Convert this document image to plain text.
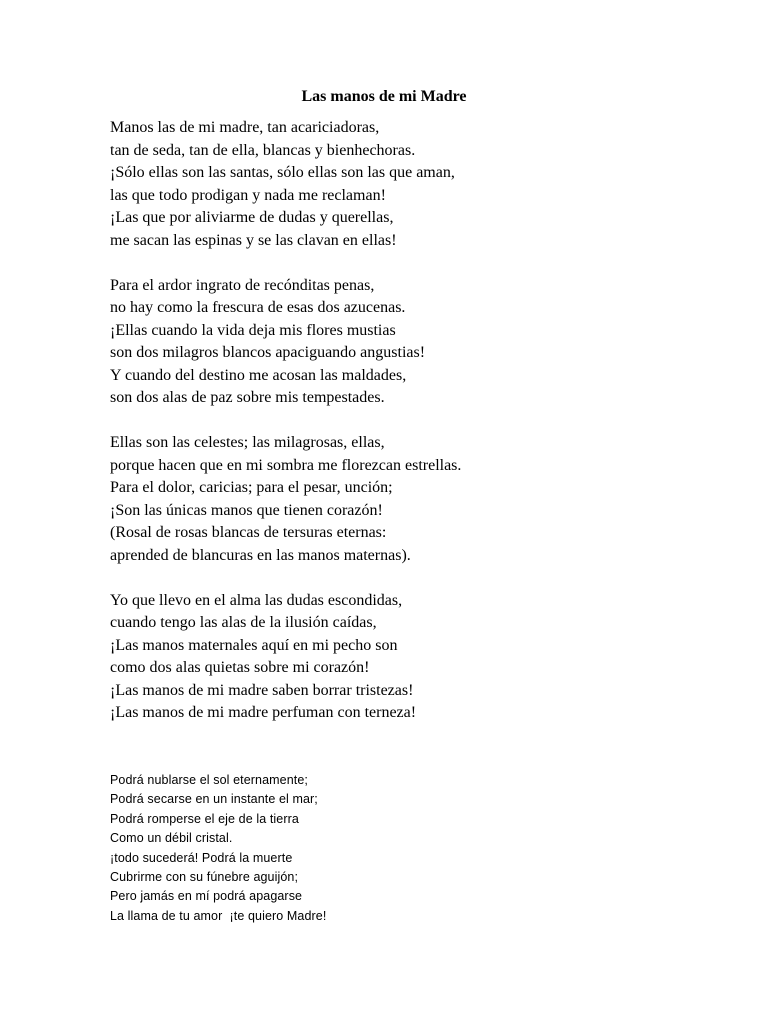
Las manos de mi Madre

Manos las de mi madre, tan acariciadoras,
tan de seda, tan de ella, blancas y bienhechoras.
¡Sólo ellas son las santas, sólo ellas son las que aman,
las que todo prodigan y nada me reclaman!
¡Las que por aliviarme de dudas y querellas,
me sacan las espinas y se las clavan en ellas!

Para el ardor ingrato de recónditas penas,
no hay como la frescura de esas dos azucenas.
¡Ellas cuando la vida deja mis flores mustias
son dos milagros blancos apaciguando angustias!
Y cuando del destino me acosan las maldades,
son dos alas de paz sobre mis tempestades.

Ellas son las celestes; las milagrosas, ellas,
porque hacen que en mi sombra me florezcan estrellas.
Para el dolor, caricias; para el pesar, unción;
¡Son las únicas manos que tienen corazón!
(Rosal de rosas blancas de tersuras eternas:
aprended de blancuras en las manos maternas).

Yo que llevo en el alma las dudas escondidas,
cuando tengo las alas de la ilusión caídas,
¡Las manos maternales aquí en mi pecho son
como dos alas quietas sobre mi corazón!
¡Las manos de mi madre saben borrar tristezas!
¡Las manos de mi madre perfuman con terneza!

Podrá nublarse el sol eternamente;
Podrá secarse en un instante el mar;
Podrá romperse el eje de la tierra
Como un débil cristal.
¡todo sucederá! Podrá la muerte
Cubrirme con su fúnebre aguijón;
Pero jamás en mí podrá apagarse
La llama de tu amor  ¡te quiero Madre!
